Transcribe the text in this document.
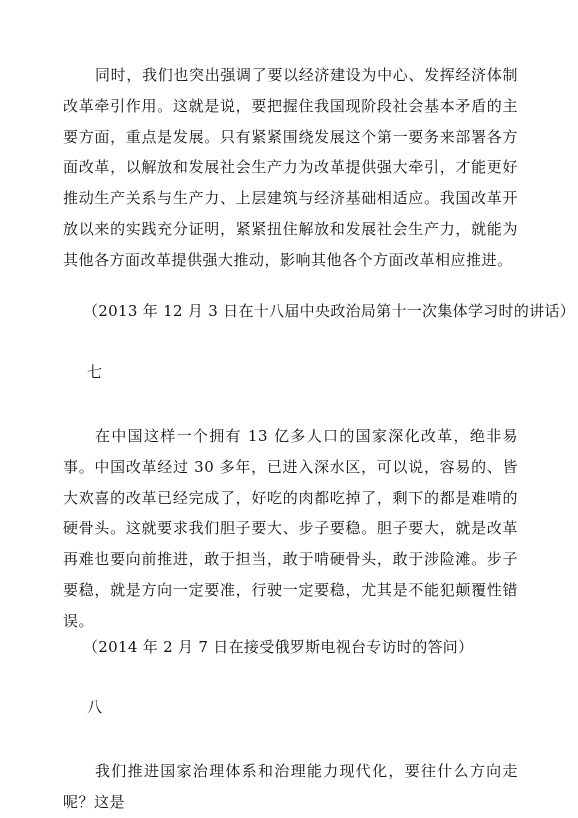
同时，我们也突出强调了要以经济建设为中心、发挥经济体制改革牵引作用。这就是说，要把握住我国现阶段社会基本矛盾的主要方面，重点是发展。只有紧紧围绕发展这个第一要务来部署各方面改革，以解放和发展社会生产力为改革提供强大牵引，才能更好推动生产关系与生产力、上层建筑与经济基础相适应。我国改革开放以来的实践充分证明，紧紧扭住解放和发展社会生产力，就能为其他各方面改革提供强大推动，影响其他各个方面改革相应推进。

（2013 年 12 月 3 日在十八届中央政治局第十一次集体学习时的讲话）

七

在中国这样一个拥有 13 亿多人口的国家深化改革，绝非易事。中国改革经过 30 多年，已进入深水区，可以说，容易的、皆大欢喜的改革已经完成了，好吃的肉都吃掉了，剩下的都是难啃的硬骨头。这就要求我们胆子要大、步子要稳。胆子要大，就是改革再难也要向前推进，敢于担当，敢于啃硬骨头，敢于涉险滩。步子要稳，就是方向一定要准，行驶一定要稳，尤其是不能犯颠覆性错误。

（2014 年 2 月 7 日在接受俄罗斯电视台专访时的答问）

八

我们推进国家治理体系和治理能力现代化，要往什么方向走呢？这是
